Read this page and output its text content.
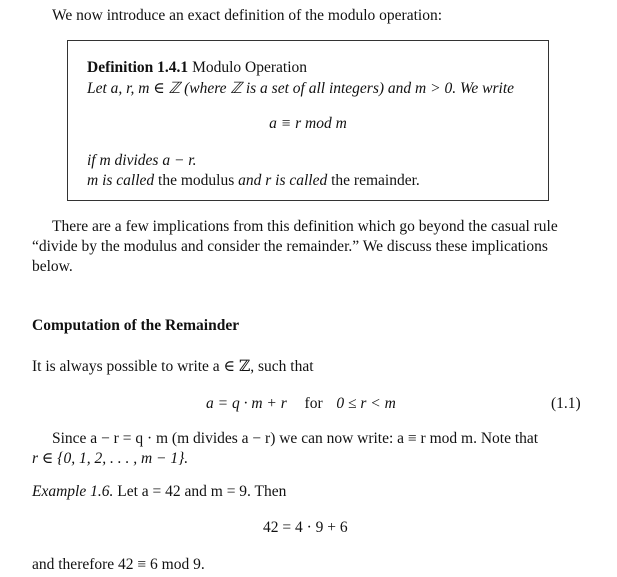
We now introduce an exact definition of the modulo operation:
Definition 1.4.1 Modulo Operation
Let a, r, m ∈ ℤ (where ℤ is a set of all integers) and m > 0. We write
a ≡ r mod m
if m divides a − r.
m is called the modulus and r is called the remainder.
There are a few implications from this definition which go beyond the casual rule
“divide by the modulus and consider the remainder.” We discuss these implications
below.
Computation of the Remainder
It is always possible to write a ∈ ℤ, such that
a = q · m + r for 0 ≤ r < m	(1.1)
Since a − r = q · m (m divides a − r) we can now write: a ≡ r mod m. Note that
r ∈ {0, 1, 2, . . . , m − 1}.
Example 1.6. Let a = 42 and m = 9. Then
42 = 4 · 9 + 6
and therefore 42 ≡ 6 mod 9.
